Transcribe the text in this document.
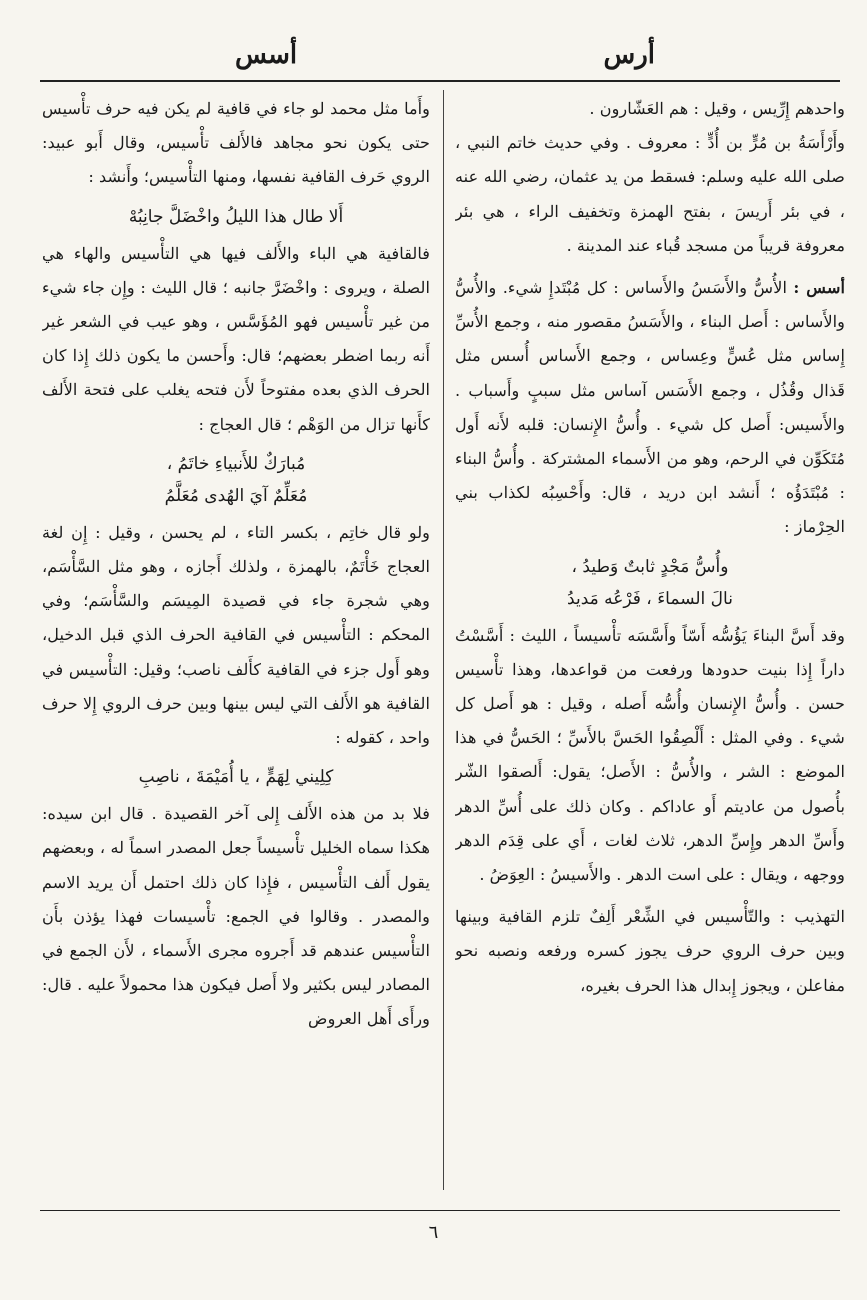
أرس
أسس

واحدهم إِرِّيس ، وقيل : هم العَشّارون .

وأَرْأَسَةُ بن مُرٍّ بن أُدٍّ : معروف . وفي حديث خاتم النبي ، صلى الله عليه وسلم: فسقط من يد عثمان، رضي الله عنه ، في بئر أَريسَ ، بفتح الهمزة وتخفيف الراء ، هي بئر معروفة قريباً من مسجد قُباء عند المدينة .

أسس : الأُسُّ والأَسَسُ والأَساس : كل مُبْتَدإِ شيء. والأُسُّ والأَساس : أَصل البناء ، والأَسَسُ مقصور منه ، وجمع الأُسِّ إِساس مثل عُسٍّ وعِساس ، وجمع الأَساس أُسس مثل قَذال وقُذُل ، وجمع الأَسَس آساس مثل سببٍ وأَسباب . والأَسيس: أَصل كل شيء . وأُسُّ الإِنسان: قلبه لأَنه أَول مُتَكَوِّن في الرحم، وهو من الأَسماء المشتركة . وأُسُّ البناء : مُبْتَدَؤُه ؛ أَنشد ابن دريد ، قال: وأَحْسِبُه لكذاب بني الحِرْماز :

وأُسُّ مَجْدٍ ثابتٌ وَطيدُ ،
نالَ السماءَ ، فَرْعُه مَديدُ

وقد أَسَّ البناءَ يَؤُسُّه أَسّاً وأَسَّسَه تأْسيساً ، الليث : أَسَّسْتُ داراً إِذا بنيت حدودها ورفعت من قواعدها، وهذا تأْسيس حسن . وأُسُّ الإِنسان وأُسُّه أَصله ، وقيل : هو أَصل كل شيء . وفي المثل : أَلْصِقُوا الحَسَّ بالأَسِّ ؛ الحَسُّ في هذا الموضع : الشر ، والأُسُّ : الأَصل؛ يقول: أَلصقوا الشّر بأُصول من عاديتم أَو عاداكم . وكان ذلك على أُسِّ الدهر وأَسِّ الدهر وإِسِّ الدهر، ثلاث لغات ، أَي على قِدَم الدهر ووجهه ، ويقال : على است الدهر . والأَسيسُ : العِوَضُ .

التهذيب : والتّأْسيس في الشِّعْر أَلِفٌ تلزم القافية وبينها وبين حرف الروي حرف يجوز كسره ورفعه ونصبه نحو مفاعلن ، ويجوز إِبدال هذا الحرف بغيره،

وأَما مثل محمد لو جاء في قافية لم يكن فيه حرف تأْسيس حتى يكون نحو مجاهد فالأَلف تأْسيس، وقال أَبو عبيد: الروي حَرف القافية نفسها، ومنها التأْسيس؛ وأَنشد :

أَلا طال هذا الليلُ واخْضَلَّ جانِبُهْ

فالقافية هي الباء والأَلف فيها هي التأْسيس والهاء هي الصلة ، ويروى : واخْضَرَّ جانبه ؛ قال الليث : وإِن جاء شيء من غير تأْسيس فهو المُؤَسَّس ، وهو عيب في الشعر غير أَنه ربما اضطر بعضهم؛ قال: وأَحسن ما يكون ذلك إِذا كان الحرف الذي بعده مفتوحاً لأَن فتحه يغلب على فتحة الأَلف كأَنها تزال من الوَهْم ؛ قال العجاج :

مُبارَكٌ للأَنبياءِ خاتَمُ ،
مُعَلِّمٌ آيَ الهُدى مُعَلَّمُ

ولو قال خاتِم ، بكسر التاء ، لم يحسن ، وقيل : إِن لغة العجاج خَأْتَمٌ، بالهمزة ، ولذلك أَجازه ، وهو مثل السَّأْسَم، وهي شجرة جاء في قصيدة المِيسَم والسَّأْسَم؛ وفي المحكم : التأْسيس في القافية الحرف الذي قبل الدخيل، وهو أَول جزء في القافية كأَلف ناصب؛ وقيل: التأْسيس في القافية هو الأَلف التي ليس بينها وبين حرف الروي إِلا حرف واحد ، كقوله :

كِلِيني لِهَمٍّ ، يا أُمَيْمَةَ ، ناصِبِ

فلا بد من هذه الأَلف إِلى آخر القصيدة . قال ابن سيده: هكذا سماه الخليل تأْسيساً جعل المصدر اسماً له ، وبعضهم يقول أَلف التأْسيس ، فإِذا كان ذلك احتمل أَن يريد الاسم والمصدر . وقالوا في الجمع: تأْسيسات فهذا يؤذن بأَن التأْسيس عندهم قد أَجروه مجرى الأَسماء ، لأَن الجمع في المصادر ليس بكثير ولا أَصل فيكون هذا محمولاً عليه . قال: ورأَى أَهل العروض

٦
